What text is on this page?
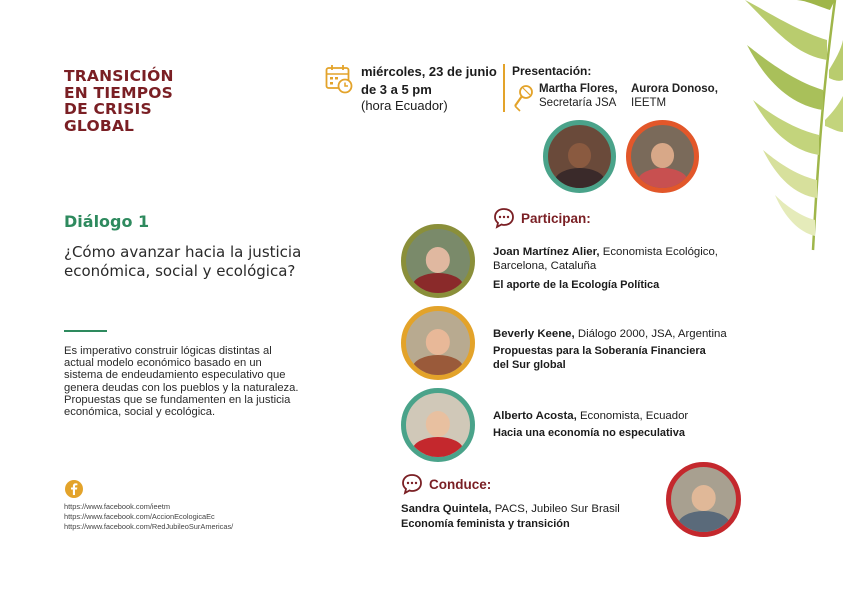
TRANSICIÓN
EN TIEMPOS
DE CRISIS
GLOBAL
miércoles, 23 de junio
de 3 a 5 pm
(hora Ecuador)
Presentación:
Martha Flores,
Secretaría JSA
Aurora Donoso,
IEETM
Diálogo 1
¿Cómo avanzar hacia la justicia económica, social y ecológica?
Es imperativo construir lógicas distintas al actual modelo económico basado en un sistema de endeudamiento especulativo que genera deudas con los pueblos y la naturaleza. Propuestas que se fundamenten en la justicia económica, social y ecológica.
https://www.facebook.com/ieetm
https://www.facebook.com/AccionEcologicaEc
https://www.facebook.com/RedJubileoSurAmericas/
Participan:
Joan Martínez Alier, Economista Ecológico,
Barcelona, Cataluña
El aporte de la Ecología Política
Beverly Keene, Diálogo 2000, JSA, Argentina
Propuestas para la Soberanía Financiera
del Sur global
Alberto Acosta, Economista, Ecuador
Hacia una economía no especulativa
Conduce:
Sandra Quintela, PACS, Jubileo Sur Brasil
Economía feminista y transición
